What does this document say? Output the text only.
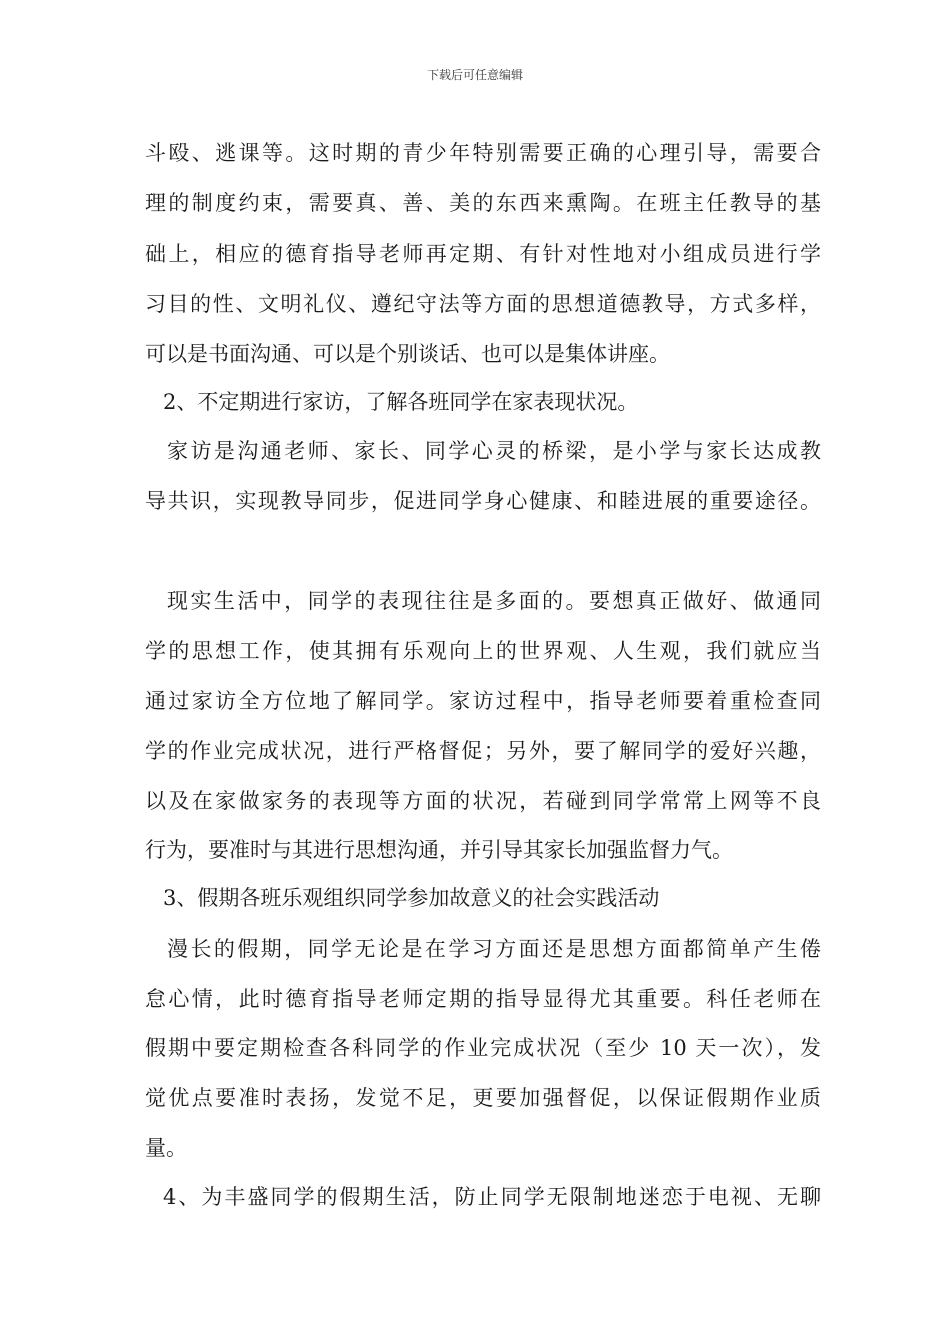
下载后可任意编辑
斗殴、逃课等。这时期的青少年特别需要正确的心理引导，需要合
理的制度约束，需要真、善、美的东西来熏陶。在班主任教导的基
础上，相应的德育指导老师再定期、有针对性地对小组成员进行学
习目的性、文明礼仪、遵纪守法等方面的思想道德教导，方式多样，
可以是书面沟通、可以是个别谈话、也可以是集体讲座。
2、不定期进行家访，了解各班同学在家表现状况。
家访是沟通老师、家长、同学心灵的桥梁，是小学与家长达成教
导共识，实现教导同步，促进同学身心健康、和睦进展的重要途径。
现实生活中，同学的表现往往是多面的。要想真正做好、做通同
学的思想工作，使其拥有乐观向上的世界观、人生观，我们就应当
通过家访全方位地了解同学。家访过程中，指导老师要着重检查同
学的作业完成状况，进行严格督促；另外，要了解同学的爱好兴趣，
以及在家做家务的表现等方面的状况，若碰到同学常常上网等不良
行为，要准时与其进行思想沟通，并引导其家长加强监督力气。
3、假期各班乐观组织同学参加故意义的社会实践活动
漫长的假期，同学无论是在学习方面还是思想方面都简单产生倦
怠心情，此时德育指导老师定期的指导显得尤其重要。科任老师在
假期中要定期检查各科同学的作业完成状况（至少 10 天一次），发
觉优点要准时表扬，发觉不足，更要加强督促，以保证假期作业质
量。
4、为丰盛同学的假期生活，防止同学无限制地迷恋于电视、无聊
